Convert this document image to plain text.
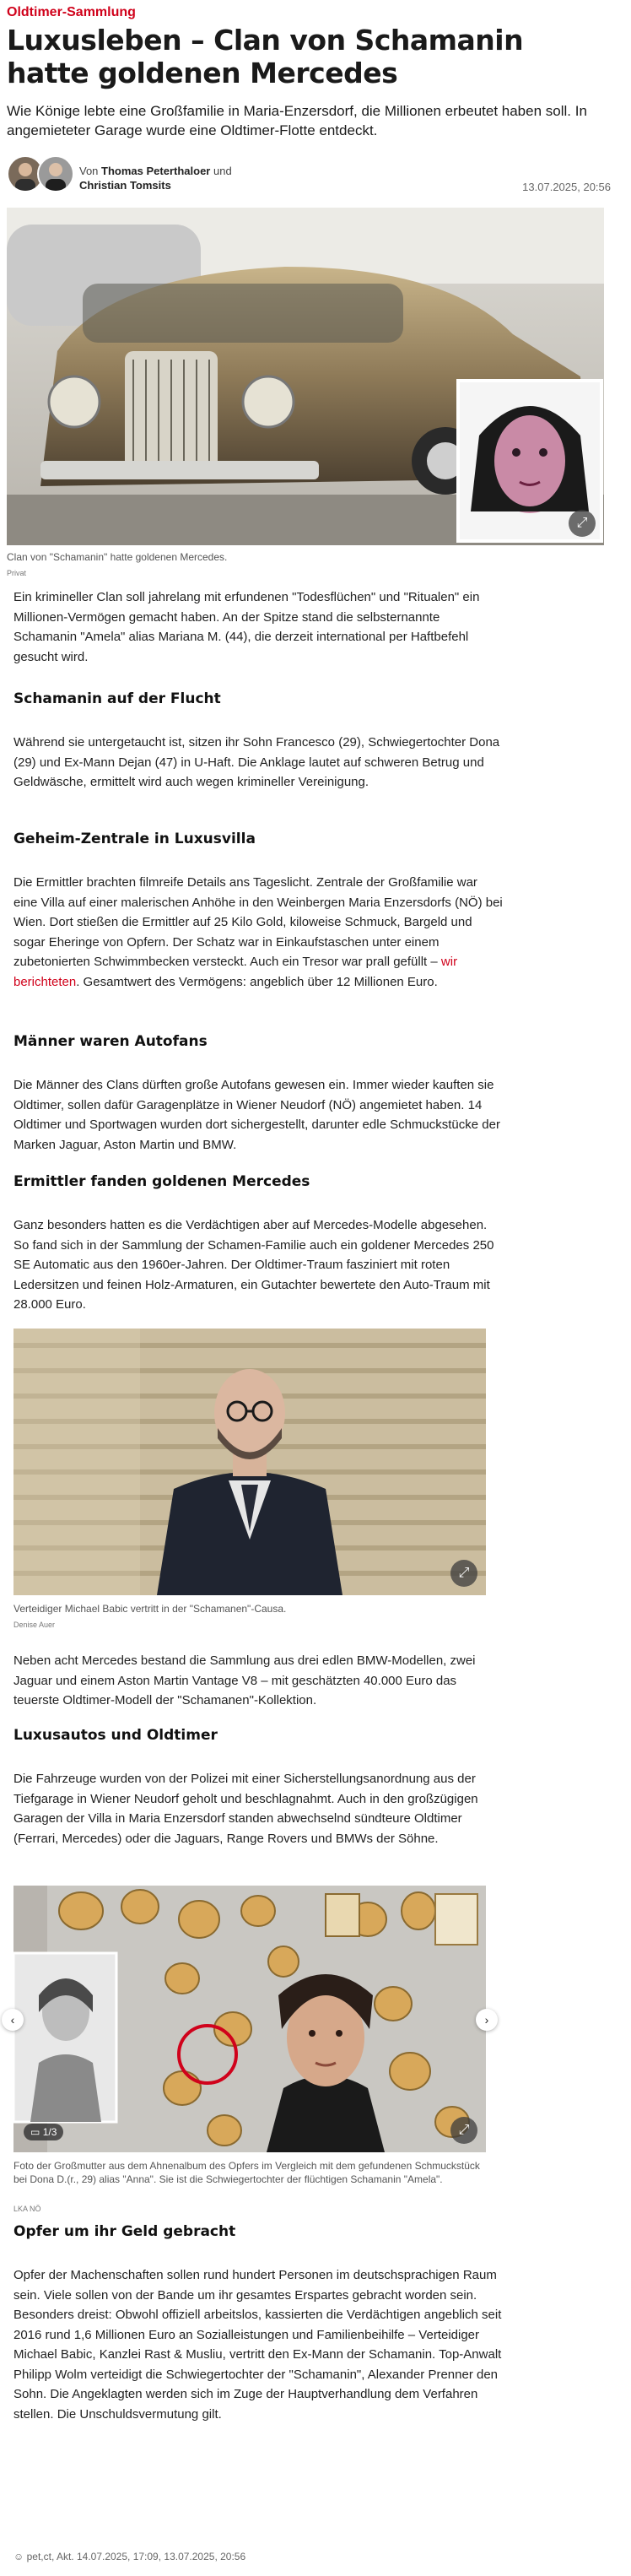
Oldtimer-Sammlung
Luxusleben – Clan von Schamanin hatte goldenen Mercedes
Wie Könige lebte eine Großfamilie in Maria-Enzersdorf, die Millionen erbeutet haben soll. In angemieteter Garage wurde eine Oldtimer-Flotte entdeckt.
Von Thomas Peterthaloer und
Christian Tomsits	13.07.2025, 20:56
⤢
Clan von "Schamanin" hatte goldenen Mercedes.
Privat
Ein krimineller Clan soll jahrelang mit erfundenen "Todesflüchen" und "Ritualen" ein Millionen-Vermögen gemacht haben. An der Spitze stand die selbsternannte Schamanin "Amela" alias Mariana M. (44), die derzeit international per Haftbefehl gesucht wird.
Schamanin auf der Flucht
Während sie untergetaucht ist, sitzen ihr Sohn Francesco (29), Schwiegertochter Dona (29) und Ex-Mann Dejan (47) in U-Haft. Die Anklage lautet auf schweren Betrug und Geldwäsche, ermittelt wird auch wegen krimineller Vereinigung.
Geheim-Zentrale in Luxusvilla
Die Ermittler brachten filmreife Details ans Tageslicht. Zentrale der Großfamilie war eine Villa auf einer malerischen Anhöhe in den Weinbergen Maria Enzersdorfs (NÖ) bei Wien. Dort stießen die Ermittler auf 25 Kilo Gold, kiloweise Schmuck, Bargeld und sogar Eheringe von Opfern. Der Schatz war in Einkaufstaschen unter einem zubetonierten Schwimmbecken versteckt. Auch ein Tresor war prall gefüllt – wir berichteten. Gesamtwert des Vermögens: angeblich über 12 Millionen Euro.
Männer waren Autofans
Die Männer des Clans dürften große Autofans gewesen ein. Immer wieder kauften sie Oldtimer, sollen dafür Garagenplätze in Wiener Neudorf (NÖ) angemietet haben. 14 Oldtimer und Sportwagen wurden dort sichergestellt, darunter edle Schmuckstücke der Marken Jaguar, Aston Martin und BMW.
Ermittler fanden goldenen Mercedes
Ganz besonders hatten es die Verdächtigen aber auf Mercedes-Modelle abgesehen. So fand sich in der Sammlung der Schamen-Familie auch ein goldener Mercedes 250 SE Automatic aus den 1960er-Jahren. Der Oldtimer-Traum fasziniert mit roten Ledersitzen und feinen Holz-Armaturen, ein Gutachter bewertete den Auto-Traum mit 28.000 Euro.
⤢
Verteidiger Michael Babic vertritt in der "Schamanen"-Causa.
Denise Auer
Neben acht Mercedes bestand die Sammlung aus drei edlen BMW-Modellen, zwei Jaguar und einem Aston Martin Vantage V8 – mit geschätzten 40.000 Euro das teuerste Oldtimer-Modell der "Schamanen"-Kollektion.
Luxusautos und Oldtimer
Die Fahrzeuge wurden von der Polizei mit einer Sicherstellungsanordnung aus der Tiefgarage in Wiener Neudorf geholt und beschlagnahmt. Auch in den großzügigen Garagen der Villa in Maria Enzersdorf standen abwechselnd sündteure Oldtimer (Ferrari, Mercedes) oder die Jaguars, Range Rovers und BMWs der Söhne.
▭ 1/3	⤢
‹	›
Foto der Großmutter aus dem Ahnenalbum des Opfers im Vergleich mit dem gefundenen Schmuckstück bei Dona D.(r., 29) alias "Anna". Sie ist die Schwiegertochter der flüchtigen Schamanin "Amela".
LKA NÖ
Opfer um ihr Geld gebracht
Opfer der Machenschaften sollen rund hundert Personen im deutschsprachigen Raum sein. Viele sollen von der Bande um ihr gesamtes Erspartes gebracht worden sein. Besonders dreist: Obwohl offiziell arbeitslos, kassierten die Verdächtigen angeblich seit 2016 rund 1,6 Millionen Euro an Sozialleistungen und Familienbeihilfe – Verteidiger Michael Babic, Kanzlei Rast & Musliu, vertritt den Ex-Mann der Schamanin. Top-Anwalt Philipp Wolm verteidigt die Schwiegertochter der "Schamanin", Alexander Prenner den Sohn. Die Angeklagten werden sich im Zuge der Hauptverhandlung dem Verfahren stellen. Die Unschuldsvermutung gilt.
☺ pet,ct, Akt. 14.07.2025, 17:09, 13.07.2025, 20:56
